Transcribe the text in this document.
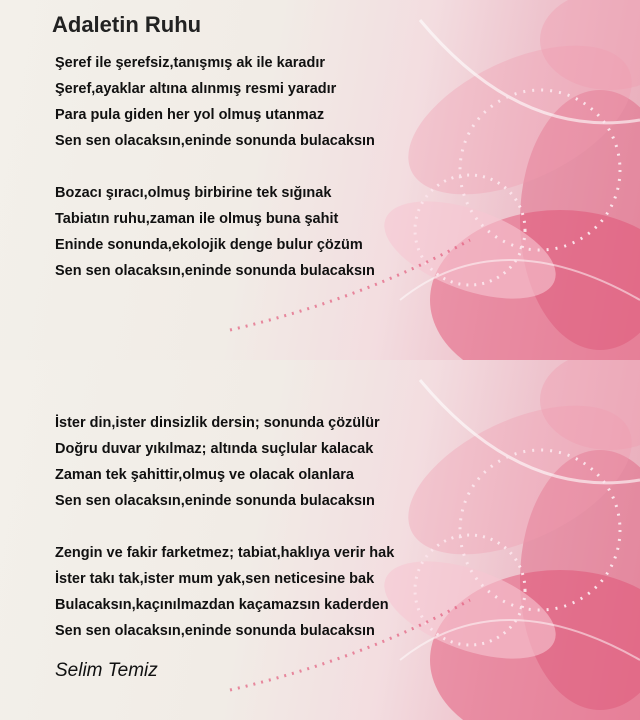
Adaletin Ruhu
Şeref ile şerefsiz,tanışmış ak ile karadır
Şeref,ayaklar altına alınmış resmi yaradır
Para pula giden her yol olmuş utanmaz
Sen sen olacaksın,eninde sonunda bulacaksın
Bozacı şıracı,olmuş birbirine tek sığınak
Tabiatın ruhu,zaman ile olmuş buna şahit
Eninde sonunda,ekolojik denge bulur çözüm
Sen sen olacaksın,eninde sonunda bulacaksın
İster din,ister dinsizlik dersin; sonunda çözülür
Doğru duvar yıkılmaz; altında suçlular kalacak
Zaman tek şahittir,olmuş ve olacak olanlara
Sen sen olacaksın,eninde sonunda bulacaksın
Zengin ve fakir farketmez; tabiat,haklıya verir hak
İster takı tak,ister mum yak,sen neticesine bak
Bulacaksın,kaçınılmazdan kaçamazsın kaderden
Sen sen olacaksın,eninde sonunda bulacaksın
Selim Temiz
